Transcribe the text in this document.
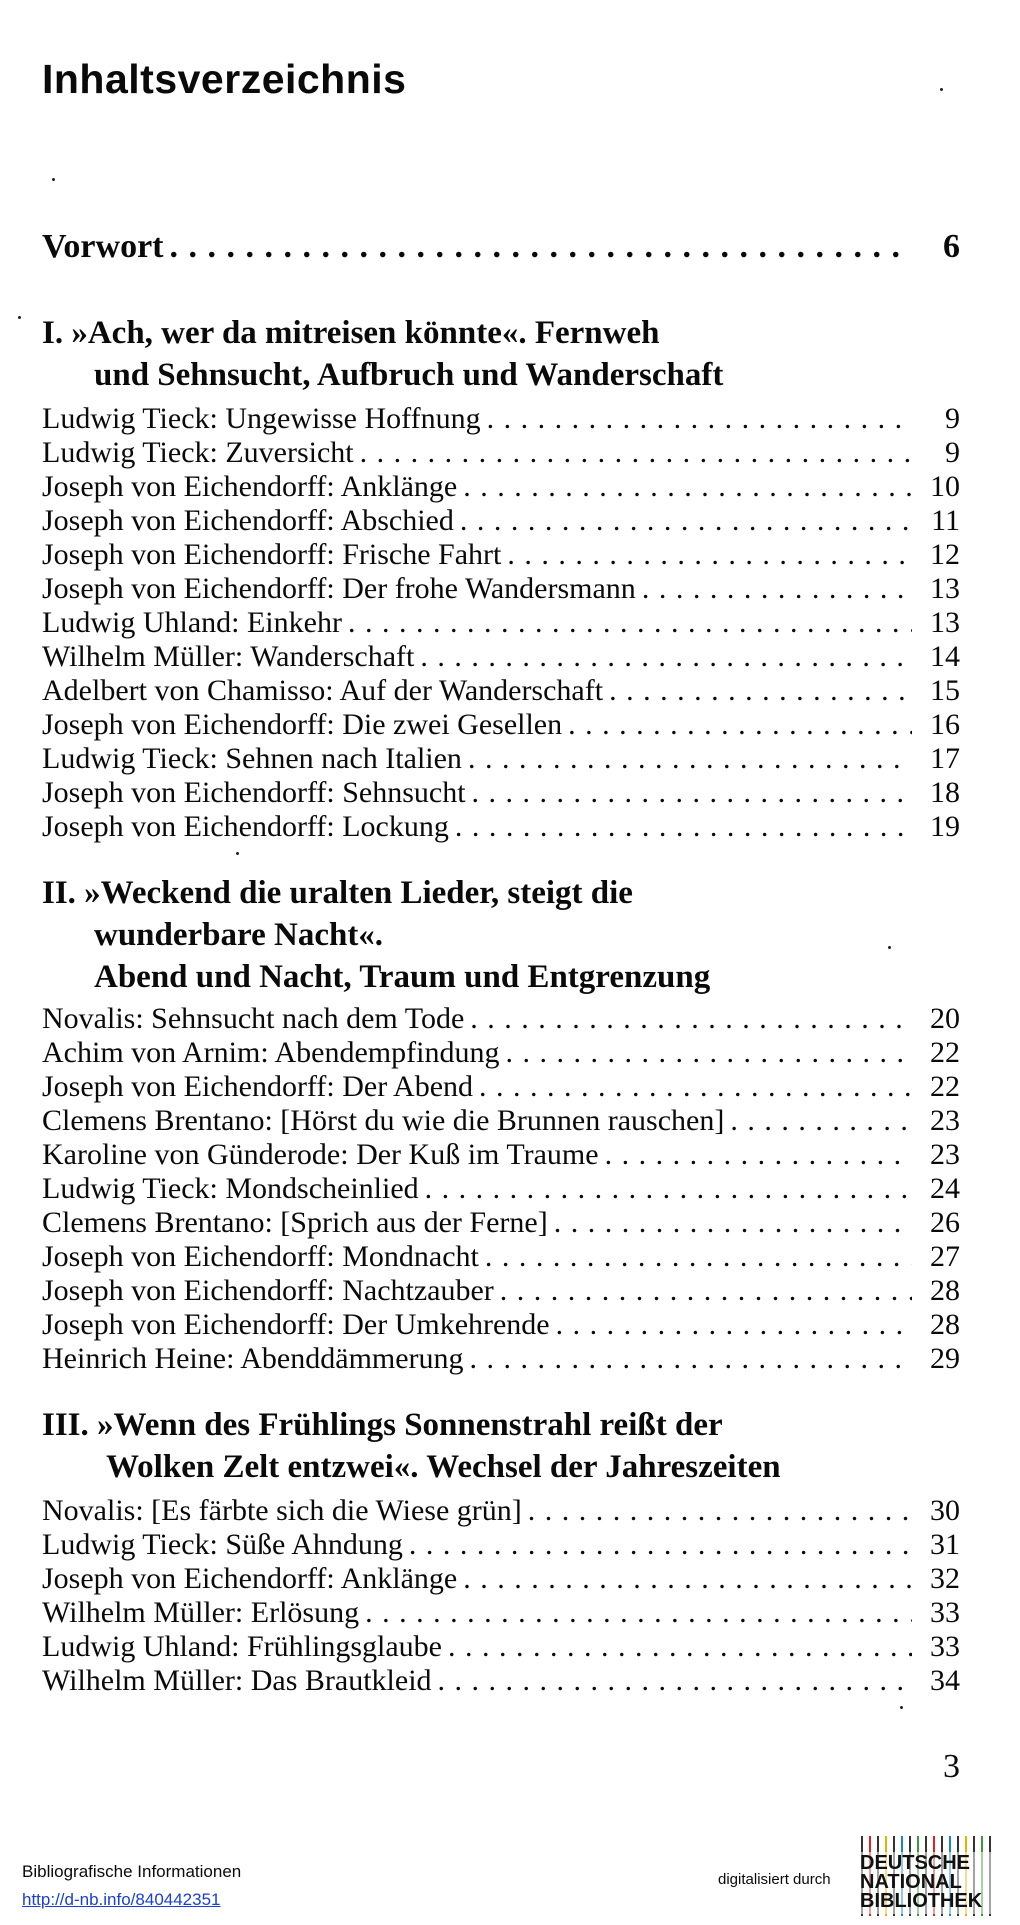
Inhaltsverzeichnis
Vorwort . . .	6
I. »Ach, wer da mitreisen könnte«. Fernweh
und Sehnsucht, Aufbruch und Wanderschaft
Ludwig Tieck: Ungewisse Hoffnung . . .	9
Ludwig Tieck: Zuversicht . . .	9
Joseph von Eichendorff: Anklänge . . .	10
Joseph von Eichendorff: Abschied . . .	11
Joseph von Eichendorff: Frische Fahrt . . .	12
Joseph von Eichendorff: Der frohe Wandersmann . . .	13
Ludwig Uhland: Einkehr . . .	13
Wilhelm Müller: Wanderschaft . . .	14
Adelbert von Chamisso: Auf der Wanderschaft . . .	15
Joseph von Eichendorff: Die zwei Gesellen . . .	16
Ludwig Tieck: Sehnen nach Italien . . .	17
Joseph von Eichendorff: Sehnsucht . . .	18
Joseph von Eichendorff: Lockung . . .	19
II. »Weckend die uralten Lieder, steigt die
wunderbare Nacht«.
Abend und Nacht, Traum und Entgrenzung
Novalis: Sehnsucht nach dem Tode . . .	20
Achim von Arnim: Abendempfindung . . .	22
Joseph von Eichendorff: Der Abend . . .	22
Clemens Brentano: [Hörst du wie die Brunnen rauschen] . . .	23
Karoline von Günderode: Der Kuß im Traume . . .	23
Ludwig Tieck: Mondscheinlied . . .	24
Clemens Brentano: [Sprich aus der Ferne] . . .	26
Joseph von Eichendorff: Mondnacht . . .	27
Joseph von Eichendorff: Nachtzauber . . .	28
Joseph von Eichendorff: Der Umkehrende . . .	28
Heinrich Heine: Abenddämmerung . . .	29
III. »Wenn des Frühlings Sonnenstrahl reißt der
Wolken Zelt entzwei«. Wechsel der Jahreszeiten
Novalis: [Es färbte sich die Wiese grün] . . .	30
Ludwig Tieck: Süße Ahndung . . .	31
Joseph von Eichendorff: Anklänge . . .	32
Wilhelm Müller: Erlösung . . .	33
Ludwig Uhland: Frühlingsglaube . . .	33
Wilhelm Müller: Das Brautkleid . . .	34
3
Bibliografische Informationen
http://d-nb.info/840442351
digitalisiert durch
DEUTSCHE
NATIONAL
BIBLIOTHEK
